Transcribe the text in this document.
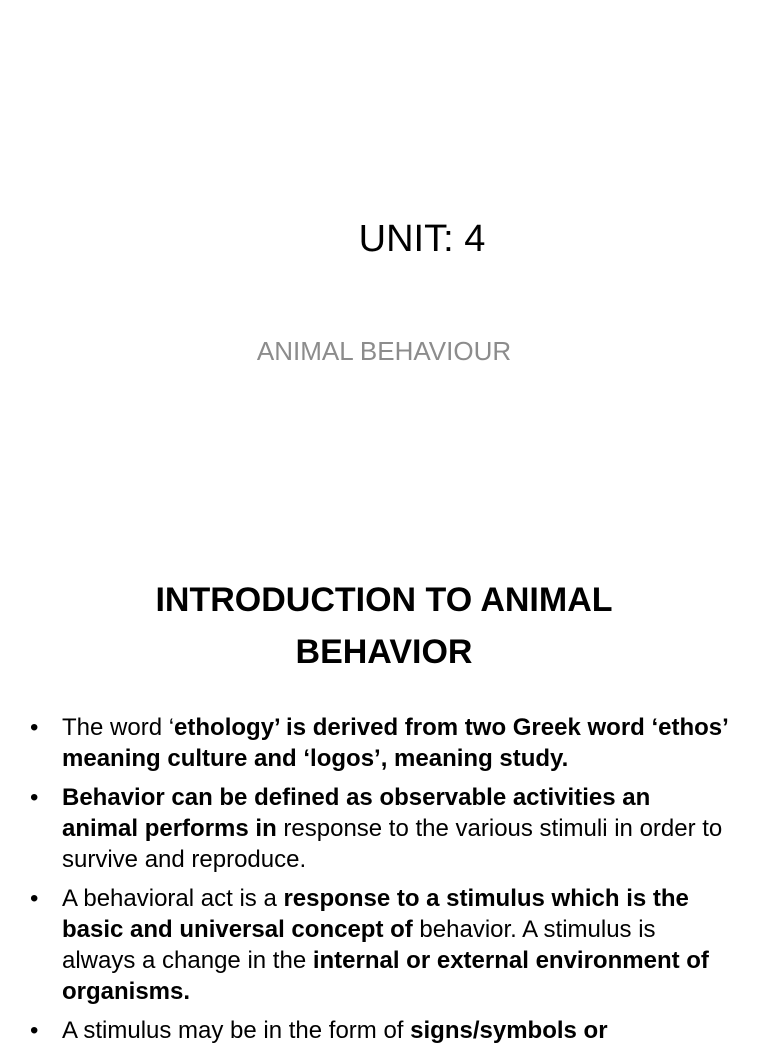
UNIT: 4
ANIMAL BEHAVIOUR
INTRODUCTION TO ANIMAL
BEHAVIOR
• The word ‘ethology’ is derived from two Greek word ‘ethos’ meaning culture and ‘logos’, meaning study.
• Behavior can be defined as observable activities an animal performs in response to the various stimuli in order to survive and reproduce.
• A behavioral act is a response to a stimulus which is the basic and universal concept of behavior. A stimulus is always a change in the internal or external environment of organisms.
• A stimulus may be in the form of signs/symbols or
